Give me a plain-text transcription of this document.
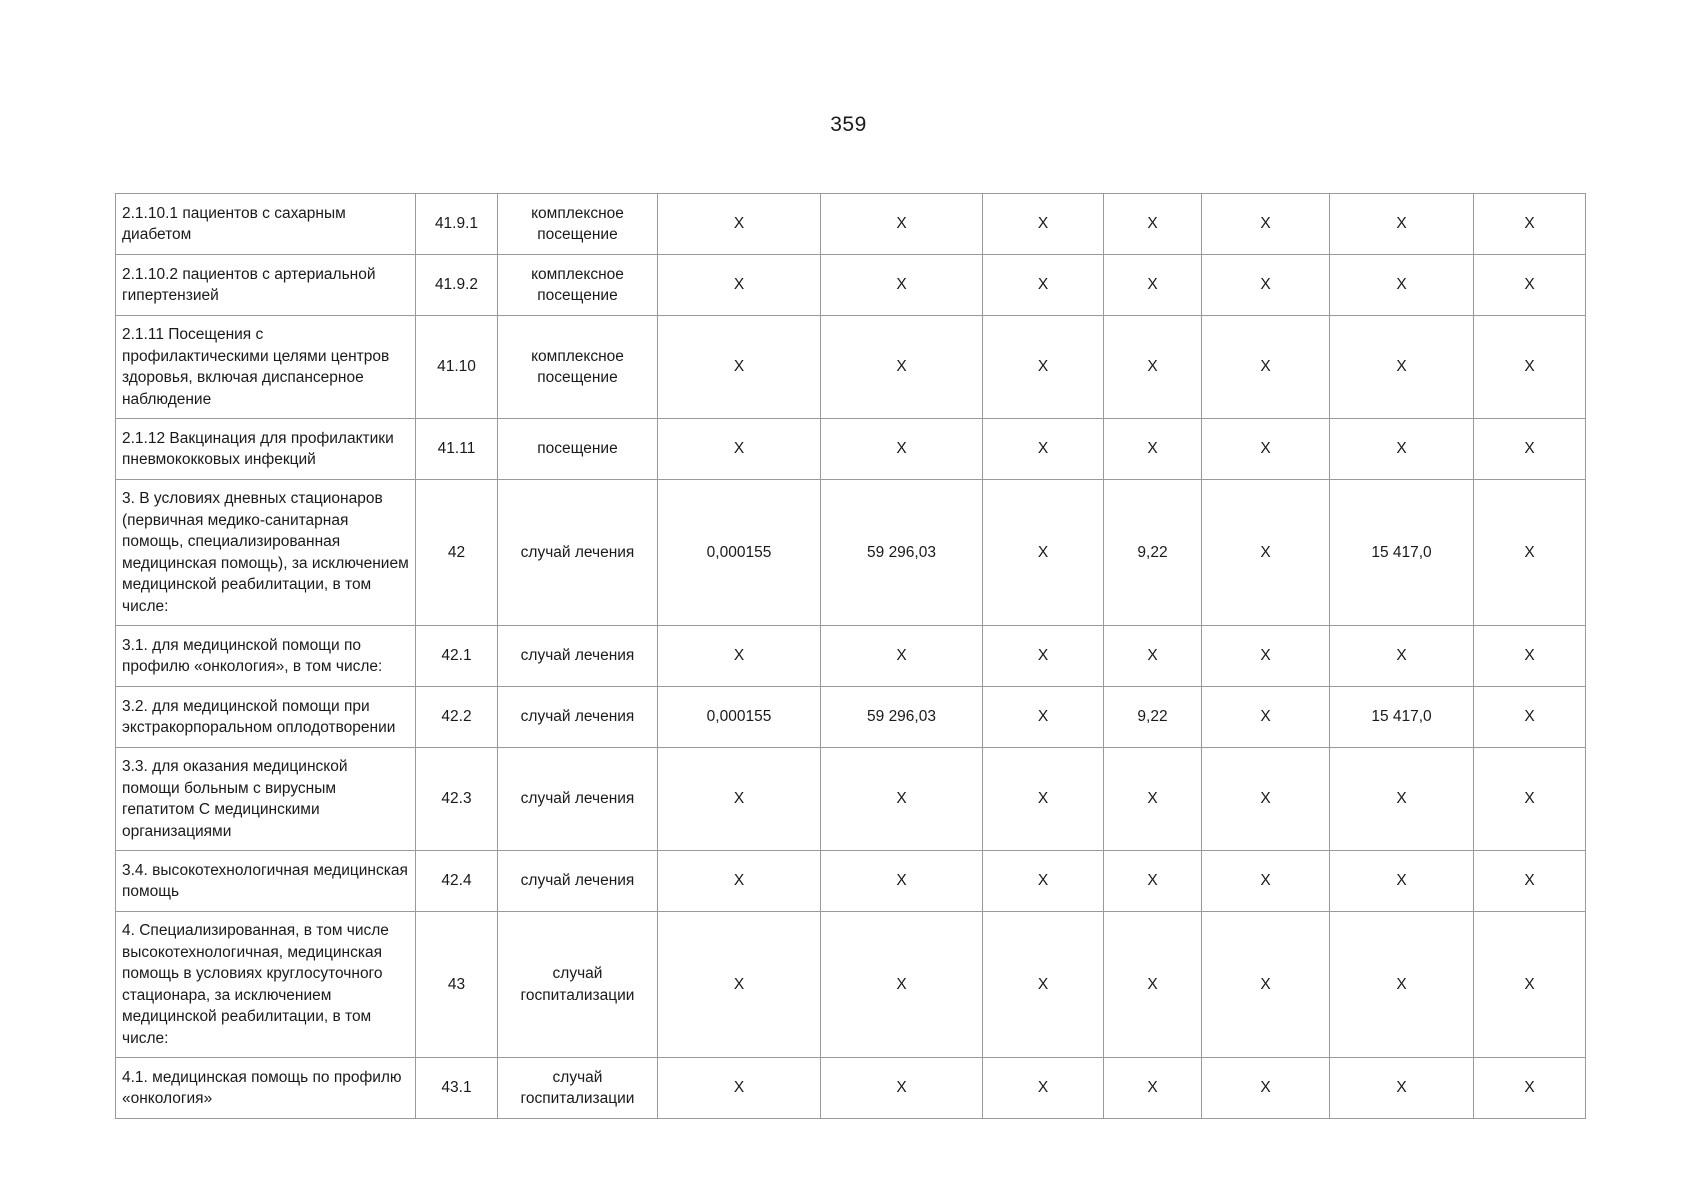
359
2.1.10.1 пациентов с сахарным диабетом	41.9.1	комплексное посещение	X	X	X	X	X	X	X
2.1.10.2 пациентов с артериальной гипертензией	41.9.2	комплексное посещение	X	X	X	X	X	X	X
2.1.11 Посещения с профилактическими целями центров здоровья, включая диспансерное наблюдение	41.10	комплексное посещение	X	X	X	X	X	X	X
2.1.12 Вакцинация для профилактики пневмококковых инфекций	41.11	посещение	X	X	X	X	X	X	X
3. В условиях дневных стационаров (первичная медико-санитарная помощь, специализированная медицинская помощь), за исключением медицинской реабилитации, в том числе:	42	случай лечения	0,000155	59 296,03	X	9,22	X	15 417,0	X
3.1. для медицинской помощи по профилю «онкология», в том числе:	42.1	случай лечения	X	X	X	X	X	X	X
3.2. для медицинской помощи при экстракорпоральном оплодотворении	42.2	случай лечения	0,000155	59 296,03	X	9,22	X	15 417,0	X
3.3. для оказания медицинской помощи больным с вирусным гепатитом С медицинскими организациями	42.3	случай лечения	X	X	X	X	X	X	X
3.4. высокотехнологичная медицинская помощь	42.4	случай лечения	X	X	X	X	X	X	X
4. Специализированная, в том числе высокотехнологичная, медицинская помощь в условиях круглосуточного стационара, за исключением медицинской реабилитации, в том числе:	43	случай госпитализации	X	X	X	X	X	X	X
4.1. медицинская помощь по профилю «онкология»	43.1	случай госпитализации	X	X	X	X	X	X	X
